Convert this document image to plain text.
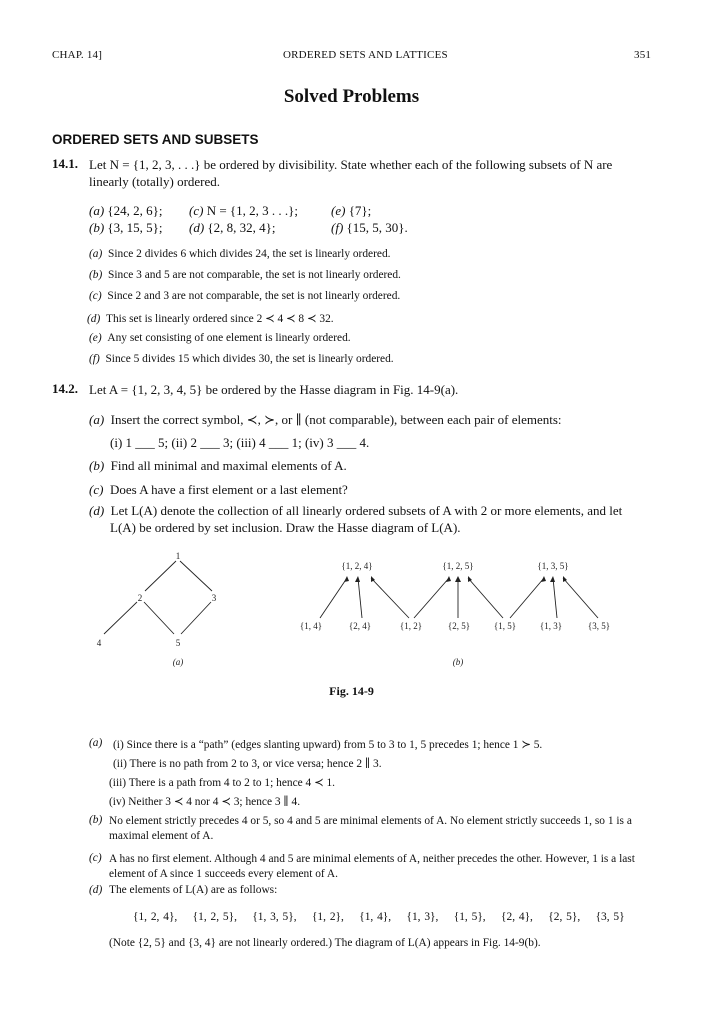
CHAP. 14]	ORDERED SETS AND LATTICES	351
Solved Problems
ORDERED SETS AND SUBSETS
14.1. Let N = {1, 2, 3, . . .} be ordered by divisibility. State whether each of the following subsets of N are linearly (totally) ordered.
(a) {24, 2, 6}; (c) N = {1, 2, 3 . . .};	(e) {7};
(b) {3, 15, 5}; (d) {2, 8, 32, 4};	(f) {15, 5, 30}.
(a) Since 2 divides 6 which divides 24, the set is linearly ordered.
(b) Since 3 and 5 are not comparable, the set is not linearly ordered.
(c) Since 2 and 3 are not comparable, the set is not linearly ordered.
(d) This set is linearly ordered since 2 ≺ 4 ≺ 8 ≺ 32.
(e) Any set consisting of one element is linearly ordered.
(f) Since 5 divides 15 which divides 30, the set is linearly ordered.
14.2. Let A = {1, 2, 3, 4, 5} be ordered by the Hasse diagram in Fig. 14-9(a).
(a) Insert the correct symbol, ≺, ≻, or ∥ (not comparable), between each pair of elements:
(i) 1 ___ 5; (ii) 2 ___ 3; (iii) 4 ___ 1; (iv) 3 ___ 4.
(b) Find all minimal and maximal elements of A.
(c) Does A have a first element or a last element?
(d) Let L(A) denote the collection of all linearly ordered subsets of A with 2 or more elements, and let
L(A) be ordered by set inclusion. Draw the Hasse diagram of L(A).
1
2	3
4	5
(a)
{1, 2, 4}	{1, 2, 5}	{1, 3, 5}
{1, 4}	{2, 4}	{1, 2}	{2, 5}	{1, 5}	{1, 3}	{3, 5}
(b)
Fig. 14-9
(a) (i) Since there is a “path” (edges slanting upward) from 5 to 3 to 1, 5 precedes 1; hence 1 ≻ 5.
(ii) There is no path from 2 to 3, or vice versa; hence 2 ∥ 3.
(iii) There is a path from 4 to 2 to 1; hence 4 ≺ 1.
(iv) Neither 3 ≺ 4 nor 4 ≺ 3; hence 3 ∥ 4.
(b) No element strictly precedes 4 or 5, so 4 and 5 are minimal elements of A. No element strictly succeeds 1, so 1 is a maximal element of A.
(c) A has no first element. Although 4 and 5 are minimal elements of A, neither precedes the other. However, 1 is a last element of A since 1 succeeds every element of A.
(d) The elements of L(A) are as follows:
{1, 2, 4}, {1, 2, 5}, {1, 3, 5}, {1, 2}, {1, 4}, {1, 3}, {1, 5}, {2, 4}, {2, 5}, {3, 5}
(Note {2, 5} and {3, 4} are not linearly ordered.) The diagram of L(A) appears in Fig. 14-9(b).
